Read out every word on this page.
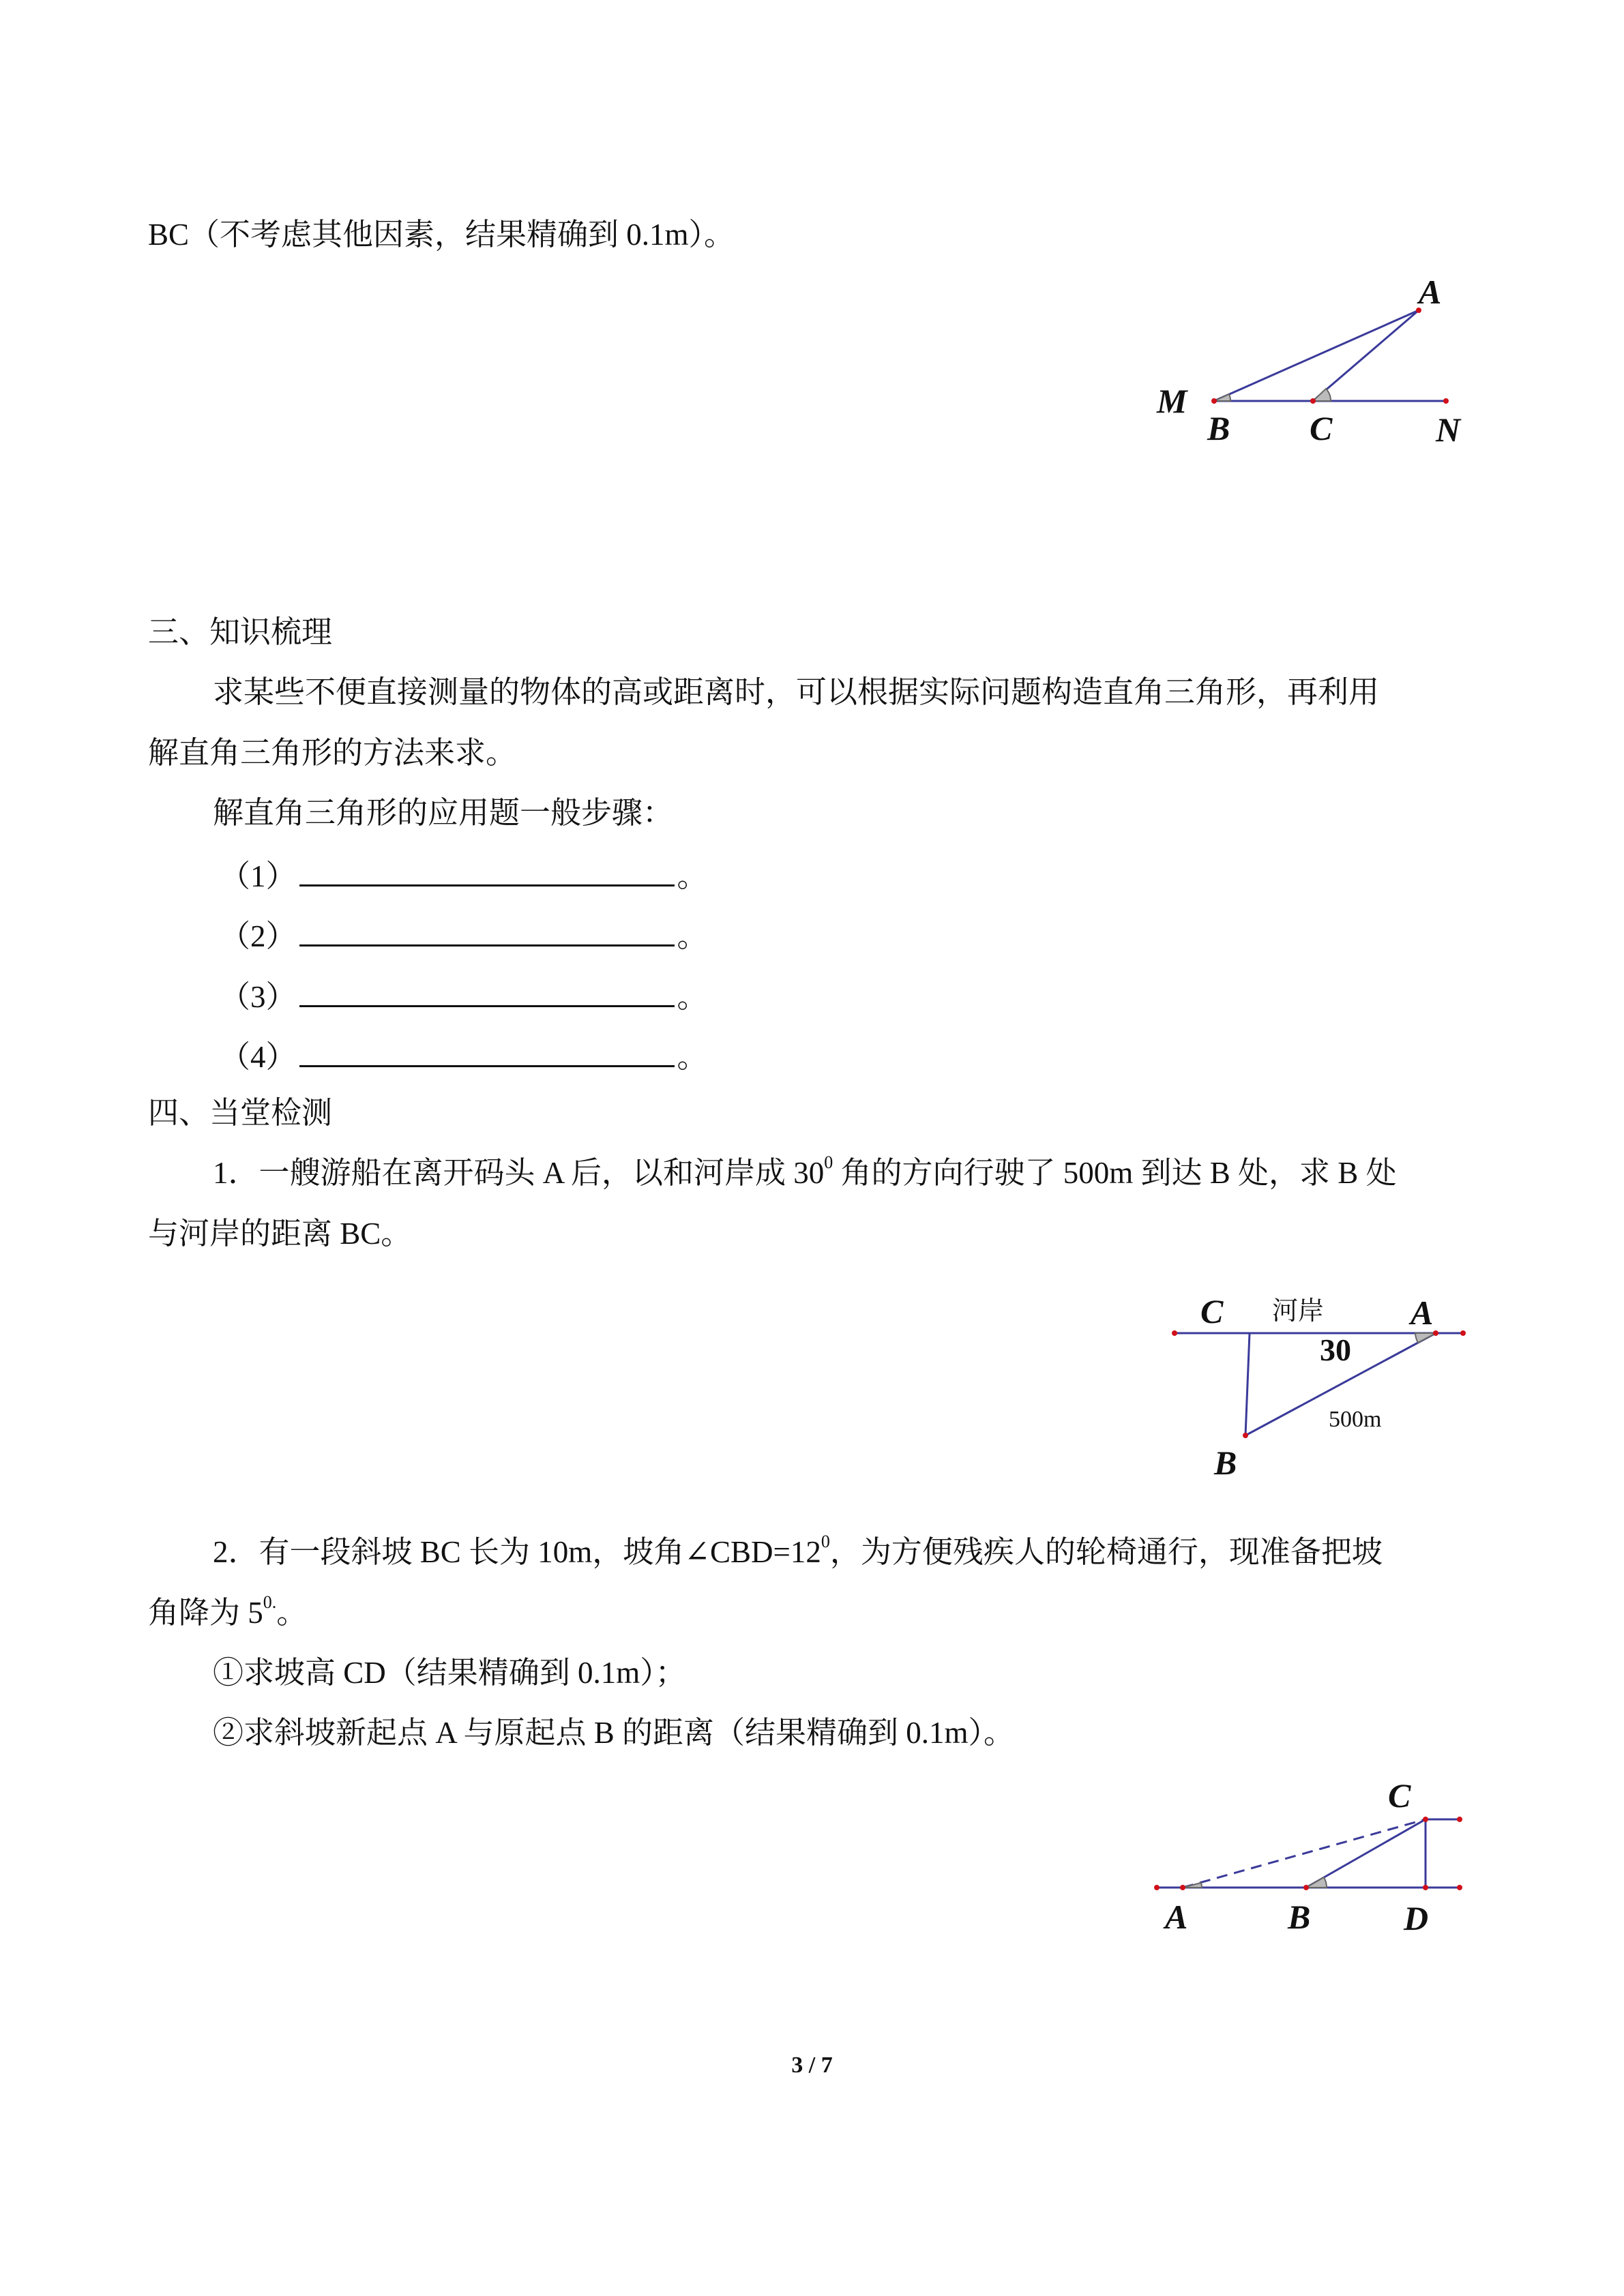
BC（不考虑其他因素，结果精确到 0.1m）。
A
M
B C	N
三、知识梳理
求某些不便直接测量的物体的高或距离时，可以根据实际问题构造直角三角形，再利用
解直角三角形的方法来求。
解直角三角形的应用题一般步骤：
（1）	。
（2）	。
（3）	。
（4）	。
四、当堂检测
1．一艘游船在离开码头 A 后，以和河岸成 $30^0$ 角的方向行驶了 500m 到达 B 处，求 B 处
与河岸的距离 BC。
C 河岸	A
30
500m
B
2．有一段斜坡 BC 长为 10m，坡角$\angle CBD=12^0$，为方便残疾人的轮椅通行，现准备把坡
角降为 $5^{0.}$。
①求坡高 CD（结果精确到 0.1m）；
②求斜坡新起点 A 与原起点 B 的距离（结果精确到 0.1m）。
C
A	B	D
3 / 7
